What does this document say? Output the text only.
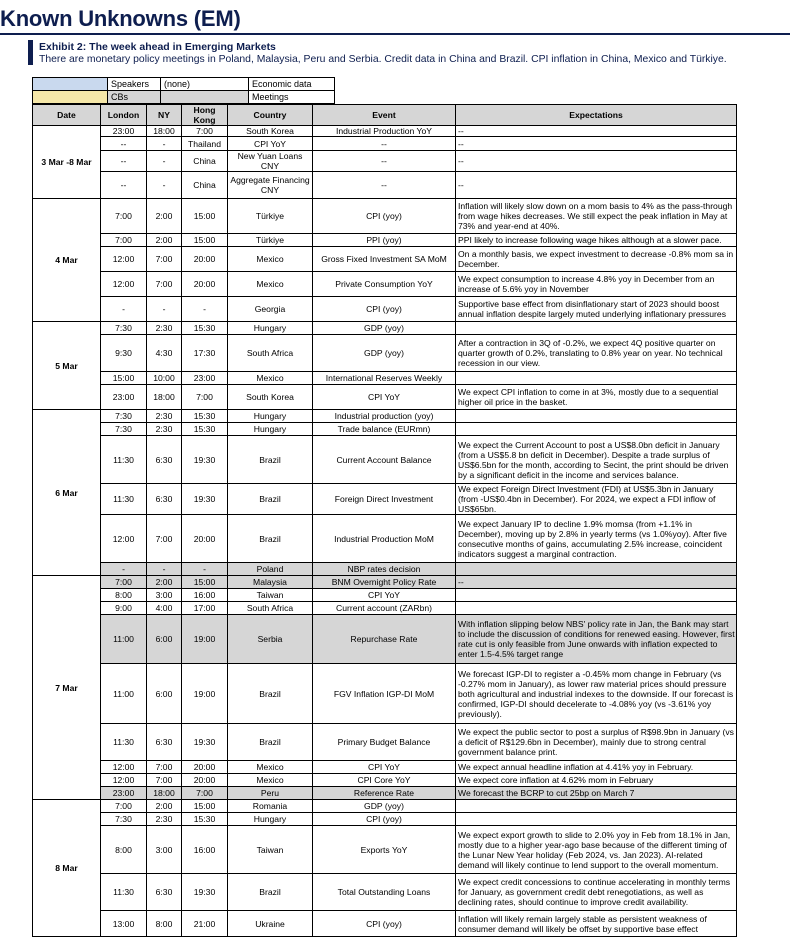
Known Unknowns (EM)
Exhibit 2: The week ahead in Emerging Markets
There are monetary policy meetings in Poland, Malaysia, Peru and Serbia. Credit data in China and Brazil. CPI inflation in China, Mexico and Türkiye.
	Speakers	(none)	Economic data
	CBs		Meetings
Date	London	NY	Hong Kong	Country	Event	Expectations
3 Mar -8 Mar	23:00	18:00	7:00	South Korea	Industrial Production YoY	--
	--	-	Thailand	CPI YoY	--	--
	--	-	China	New Yuan Loans CNY	--	--
	--	-	China	Aggregate Financing CNY	--	--
4 Mar	7:00	2:00	15:00	Türkiye	CPI (yoy)	Inflation will likely slow down on a mom basis to 4% as the pass-through from wage hikes decreases. We still expect the peak inflation in May at 73% and year-end at 40%.
	7:00	2:00	15:00	Türkiye	PPI (yoy)	PPI likely to increase following wage hikes although at a slower pace.
	12:00	7:00	20:00	Mexico	Gross Fixed Investment SA MoM	On a monthly basis, we expect investment to decrease -0.8% mom sa in December.
	12:00	7:00	20:00	Mexico	Private Consumption YoY	We expect consumption to increase 4.8% yoy in December from an increase of 5.6% yoy in November
	-	-	-	Georgia	CPI (yoy)	Supportive base effect from disinflationary start of 2023 should boost annual inflation despite largely muted underlying inflationary pressures
5 Mar	7:30	2:30	15:30	Hungary	GDP (yoy)	
	9:30	4:30	17:30	South Africa	GDP (yoy)	After a contraction in 3Q of -0.2%, we expect 4Q positive quarter on quarter growth of 0.2%, translating to 0.8% year on year. No technical recession in our view.
	15:00	10:00	23:00	Mexico	International Reserves Weekly	
	23:00	18:00	7:00	South Korea	CPI YoY	We expect CPI inflation to come in at 3%, mostly due to a sequential higher oil price in the basket.
6 Mar	7:30	2:30	15:30	Hungary	Industrial production (yoy)	
	7:30	2:30	15:30	Hungary	Trade balance (EURmn)	
	11:30	6:30	19:30	Brazil	Current Account Balance	We expect the Current Account to post a US$8.0bn deficit in January (from a US$5.8 bn deficit in December). Despite a trade surplus of US$6.5bn for the month, according to Secint, the print should be driven by a significant deficit in the income and services balance.
	11:30	6:30	19:30	Brazil	Foreign Direct Investment	We expect Foreign Direct Investment (FDI) at US$5.3bn in January (from -US$0.4bn in December). For 2024, we expect a FDI inflow of US$65bn.
	12:00	7:00	20:00	Brazil	Industrial Production MoM	We expect January IP to decline 1.9% momsa (from +1.1% in December), moving up by 2.8% in yearly terms (vs 1.0%yoy). After five consecutive months of gains, accumulating 2.5% increase, coincident indicators suggest a marginal contraction.
	-	-	-	Poland	NBP rates decision	
7 Mar	7:00	2:00	15:00	Malaysia	BNM Overnight Policy Rate	--
	8:00	3:00	16:00	Taiwan	CPI YoY	
	9:00	4:00	17:00	South Africa	Current account (ZARbn)	
	11:00	6:00	19:00	Serbia	Repurchase Rate	With inflation slipping below NBS' policy rate in Jan, the Bank may start to include the discussion of conditions for renewed easing. However, first rate cut is only feasible from June onwards with inflation expected to enter 1.5-4.5% target range
	11:00	6:00	19:00	Brazil	FGV Inflation IGP-DI MoM	We forecast IGP-DI to register a -0.45% mom change in February (vs -0.27% mom in January), as lower raw material prices should pressure both agricultural and industrial indexes to the downside. If our forecast is confirmed, IGP-DI should decelerate to -4.08% yoy (vs -3.61% yoy previously).
	11:30	6:30	19:30	Brazil	Primary Budget Balance	We expect the public sector to post a surplus of R$98.9bn in January (vs a deficit of R$129.6bn in December), mainly due to strong central government balance print.
	12:00	7:00	20:00	Mexico	CPI YoY	We expect annual headline inflation at 4.41% yoy in February.
	12:00	7:00	20:00	Mexico	CPI Core YoY	We expect core inflation at 4.62% mom in February
	23:00	18:00	7:00	Peru	Reference Rate	We forecast the BCRP to cut 25bp on March 7
8 Mar	7:00	2:00	15:00	Romania	GDP (yoy)	
	7:30	2:30	15:30	Hungary	CPI (yoy)	
	8:00	3:00	16:00	Taiwan	Exports YoY	We expect export growth to slide to 2.0% yoy in Feb from 18.1% in Jan, mostly due to a higher year-ago base because of the different timing of the Lunar New Year holiday (Feb 2024, vs. Jan 2023). AI-related demand will likely continue to lend support to the overall momentum.
	11:30	6:30	19:30	Brazil	Total Outstanding Loans	We expect credit concessions to continue accelerating in monthly terms for January, as government credit debt renegotiations, as well as declining rates, should continue to improve credit availability.
	13:00	8:00	21:00	Ukraine	CPI (yoy)	Inflation will likely remain largely stable as persistent weakness of consumer demand will likely be offset by supportive base effect
